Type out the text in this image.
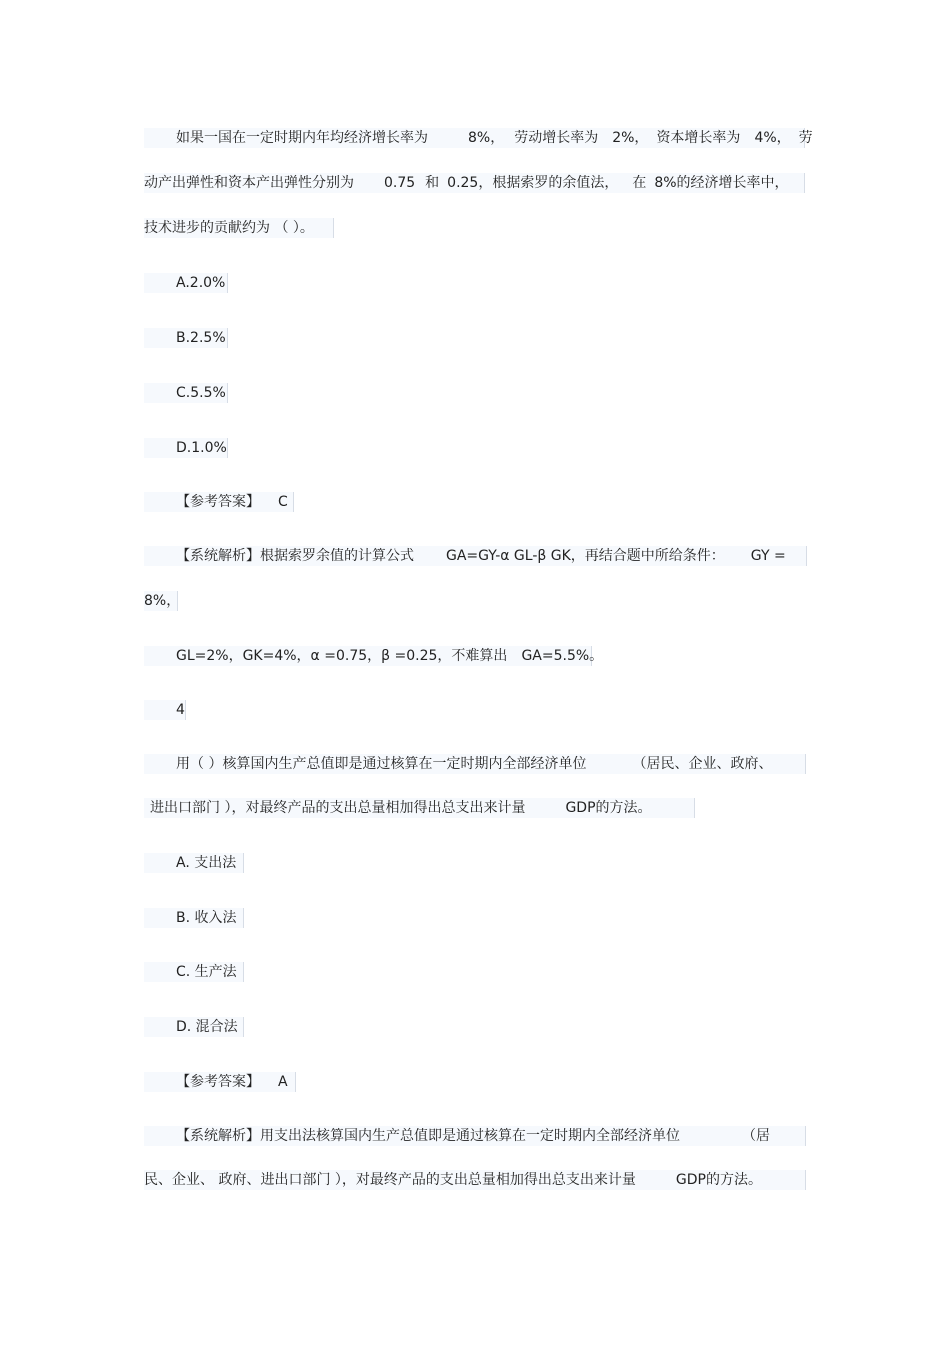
如果一国在一定时期内年均经济增长率为	8%， 劳动增长率为 2%， 资本增长率为 4%， 劳
动产出弹性和资本产出弹性分别为 0.75 和 0.25，根据索罗的余值法， 在 8%的经济增长率中，
技术进步的贡献约为 （ ）。
A.2.0%
B.2.5%
C.5.5%
D.1.0%
【参考答案】 C
【系统解析】根据索罗余值的计算公式 GA=GY-α GL-β GK，再结合题中所给条件： GY =
8%，
GL=2%，GK=4%，α =0.75，β =0.25，不难算出 GA=5.5%。
4
用（ ）核算国内生产总值即是通过核算在一定时期内全部经济单位	（居民、企业、政府、
进出口部门 ），对最终产品的支出总量相加得出总支出来计量	GDP的方法。
A. 支出法
B. 收入法
C. 生产法
D. 混合法
【参考答案】 A
【系统解析】用支出法核算国内生产总值即是通过核算在一定时期内全部经济单位	（居
民、企业、 政府、进出口部门 ），对最终产品的支出总量相加得出总支出来计量	GDP的方法。
